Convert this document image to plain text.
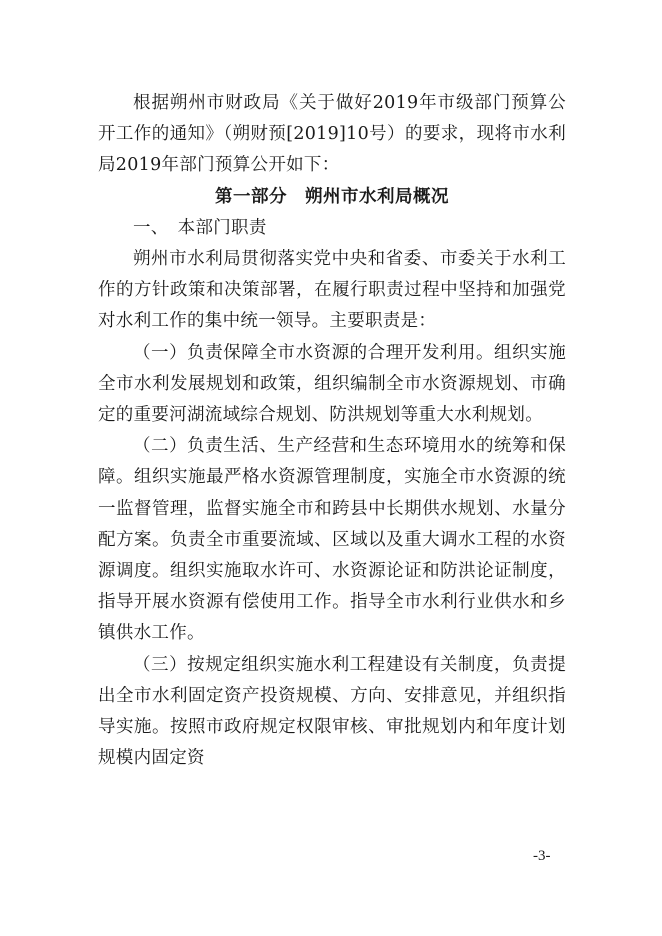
根据朔州市财政局《关于做好2019年市级部门预算公开工作的通知》（朔财预[2019]10号）的要求，现将市水利局2019年部门预算公开如下：

第一部分　朔州市水利局概况

一、　本部门职责

朔州市水利局贯彻落实党中央和省委、市委关于水利工作的方针政策和决策部署，在履行职责过程中坚持和加强党对水利工作的集中统一领导。主要职责是：

（一）负责保障全市水资源的合理开发利用。组织实施全市水利发展规划和政策，组织编制全市水资源规划、市确定的重要河湖流域综合规划、防洪规划等重大水利规划。

（二）负责生活、生产经营和生态环境用水的统筹和保障。组织实施最严格水资源管理制度，实施全市水资源的统一监督管理，监督实施全市和跨县中长期供水规划、水量分配方案。负责全市重要流域、区域以及重大调水工程的水资源调度。组织实施取水许可、水资源论证和防洪论证制度，指导开展水资源有偿使用工作。指导全市水利行业供水和乡镇供水工作。

（三）按规定组织实施水利工程建设有关制度，负责提出全市水利固定资产投资规模、方向、安排意见，并组织指导实施。按照市政府规定权限审核、审批规划内和年度计划规模内固定资

-3-
